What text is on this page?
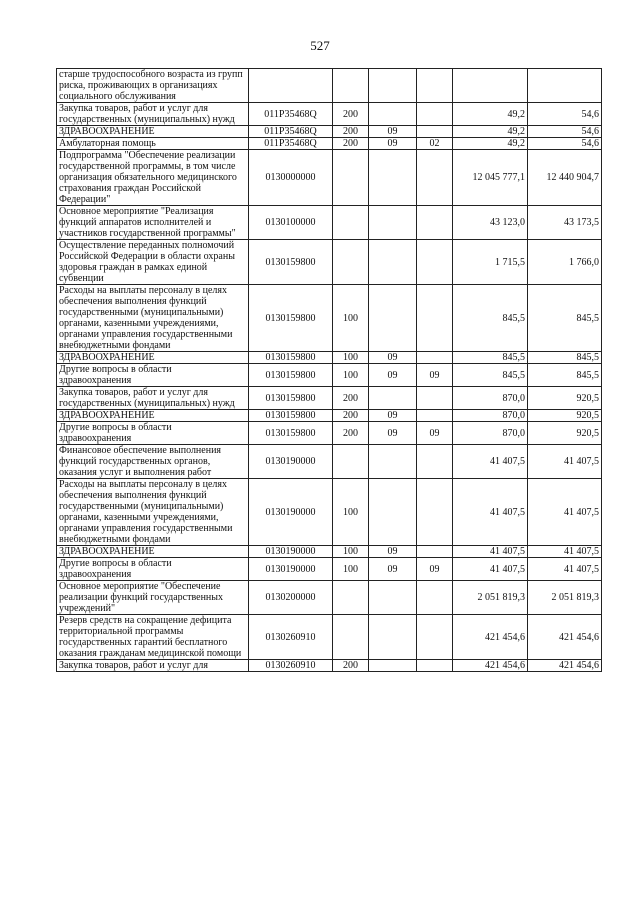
527
старше трудоспособного возраста из групп риска, проживающих в организациях социального обслуживания						
Закупка товаров, работ и услуг для государственных (муниципальных) нужд	011P35468Q	200			49,2	54,6
ЗДРАВООХРАНЕНИЕ	011P35468Q	200	09		49,2	54,6
Амбулаторная помощь	011P35468Q	200	09	02	49,2	54,6
Подпрограмма "Обеспечение реализации государственной программы, в том числе организация обязательного медицинского страхования граждан Российской Федерации"	0130000000				12 045 777,1	12 440 904,7
Основное мероприятие "Реализация функций аппаратов исполнителей и участников государственной программы"	0130100000				43 123,0	43 173,5
Осуществление переданных полномочий Российской Федерации в области охраны здоровья граждан в рамках единой субвенции	0130159800				1 715,5	1 766,0
Расходы на выплаты персоналу в целях обеспечения выполнения функций государственными (муниципальными) органами, казенными учреждениями, органами управления государственными внебюджетными фондами	0130159800	100			845,5	845,5
ЗДРАВООХРАНЕНИЕ	0130159800	100	09		845,5	845,5
Другие вопросы в области здравоохранения	0130159800	100	09	09	845,5	845,5
Закупка товаров, работ и услуг для государственных (муниципальных) нужд	0130159800	200			870,0	920,5
ЗДРАВООХРАНЕНИЕ	0130159800	200	09		870,0	920,5
Другие вопросы в области здравоохранения	0130159800	200	09	09	870,0	920,5
Финансовое обеспечение выполнения функций государственных органов, оказания услуг и выполнения работ	0130190000				41 407,5	41 407,5
Расходы на выплаты персоналу в целях обеспечения выполнения функций государственными (муниципальными) органами, казенными учреждениями, органами управления государственными внебюджетными фондами	0130190000	100			41 407,5	41 407,5
ЗДРАВООХРАНЕНИЕ	0130190000	100	09		41 407,5	41 407,5
Другие вопросы в области здравоохранения	0130190000	100	09	09	41 407,5	41 407,5
Основное мероприятие "Обеспечение реализации функций государственных учреждений"	0130200000				2 051 819,3	2 051 819,3
Резерв средств на сокращение дефицита территориальной программы государственных гарантий бесплатного оказания гражданам медицинской помощи	0130260910				421 454,6	421 454,6
Закупка товаров, работ и услуг для	0130260910	200			421 454,6	421 454,6
